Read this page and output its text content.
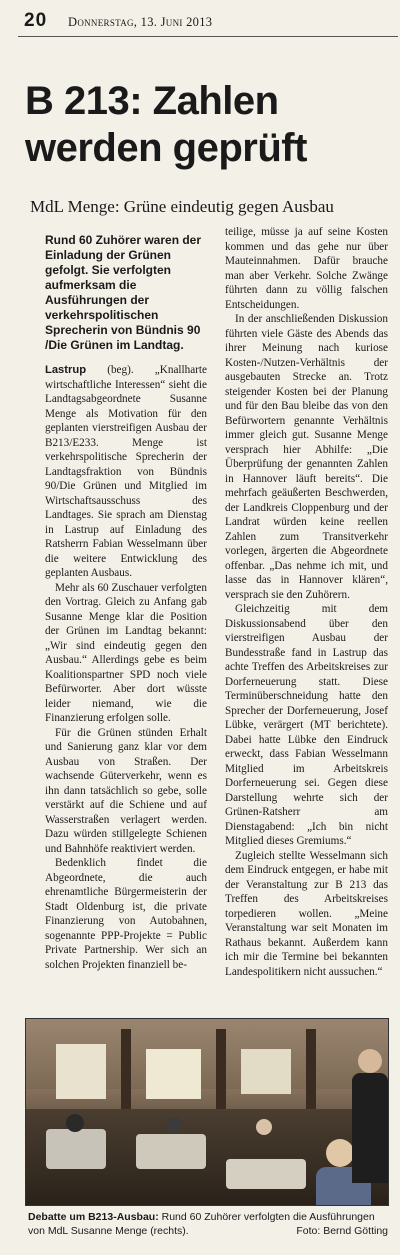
20 Donnerstag, 13. Juni 2013
B 213: Zahlen
werden geprüft
MdL Menge: Grüne eindeutig gegen Ausbau

Rund 60 Zuhörer waren der Einladung der Grünen gefolgt. Sie verfolgten aufmerksam die Ausführungen der verkehrspolitischen Sprecherin von Bündnis 90 /Die Grünen im Landtag.

Lastrup (beg). „Knallharte wirtschaftliche Interessen“ sieht die Landtagsabgeordnete Susanne Menge als Motivation für den geplanten vierstreifigen Ausbau der B213/E233. Menge ist verkehrspolitische Sprecherin der Landtagsfraktion von Bündnis 90/Die Grünen und Mitglied im Wirtschaftsausschuss des Landtages. Sie sprach am Dienstag in Lastrup auf Einladung des Ratsherrn Fabian Wesselmann über die weitere Entwicklung des geplanten Ausbaus.

Mehr als 60 Zuschauer verfolgten den Vortrag. Gleich zu Anfang gab Susanne Menge klar die Position der Grünen im Landtag bekannt: „Wir sind eindeutig gegen den Ausbau.“ Allerdings gebe es beim Koalitionspartner SPD noch viele Befürworter. Aber dort wüsste leider niemand, wie die Finanzierung erfolgen solle.

Für die Grünen stünden Erhalt und Sanierung ganz klar vor dem Ausbau von Straßen. Der wachsende Güterverkehr, wenn es ihn dann tatsächlich so gebe, solle verstärkt auf die Schiene und auf Wasserstraßen verlagert werden. Dazu würden stillgelegte Schienen und Bahnhöfe reaktiviert werden.

Bedenklich findet die Abgeordnete, die auch ehrenamtliche Bürgermeisterin der Stadt Oldenburg ist, die private Finanzierung von Autobahnen, sogenannte PPP-Projekte = Public Private Partnership. Wer sich an solchen Projekten finanziell be-

teilige, müsse ja auf seine Kosten kommen und das gehe nur über Mauteinnahmen. Dafür brauche man aber Verkehr. Solche Zwänge führten dann zu völlig falschen Entscheidungen.

In der anschließenden Diskussion führten viele Gäste des Abends das ihrer Meinung nach kuriose Kosten-/Nutzen-Verhältnis der ausgebauten Strecke an. Trotz steigender Kosten bei der Planung und für den Bau bleibe das von den Befürwortern genannte Verhältnis immer gleich gut. Susanne Menge versprach hier Abhilfe: „Die Überprüfung der genannten Zahlen in Hannover läuft bereits“. Die mehrfach geäußerten Beschwerden, der Landkreis Cloppenburg und der Landrat würden keine reellen Zahlen zum Transitverkehr vorlegen, ärgerten die Abgeordnete offenbar. „Das nehme ich mit, und lasse das in Hannover klären“, versprach sie den Zuhörern.

Gleichzeitig mit dem Diskussionsabend über den vierstreifigen Ausbau der Bundesstraße fand in Lastrup das achte Treffen des Arbeitskreises zur Dorferneuerung statt. Diese Terminüberschneidung hatte den Sprecher der Dorferneuerung, Josef Lübke, verärgert (MT berichtete). Dabei hatte Lübke den Eindruck erweckt, dass Fabian Wesselmann Mitglied im Arbeitskreis Dorferneuerung sei. Gegen diese Darstellung wehrte sich der Grünen-Ratsherr am Dienstagabend: „Ich bin nicht Mitglied dieses Gremiums.“

Zugleich stellte Wesselmann sich dem Eindruck entgegen, er habe mit der Veranstaltung zur B 213 das Treffen des Arbeitskreises torpedieren wollen. „Meine Veranstaltung war seit Monaten im Rathaus bekannt. Außerdem kann ich mir die Termine bei bekannten Landespolitikern nicht aussuchen.“

Debatte um B213-Ausbau: Rund 60 Zuhörer verfolgten die Ausführungen von MdL Susanne Menge (rechts).	Foto: Bernd Götting
